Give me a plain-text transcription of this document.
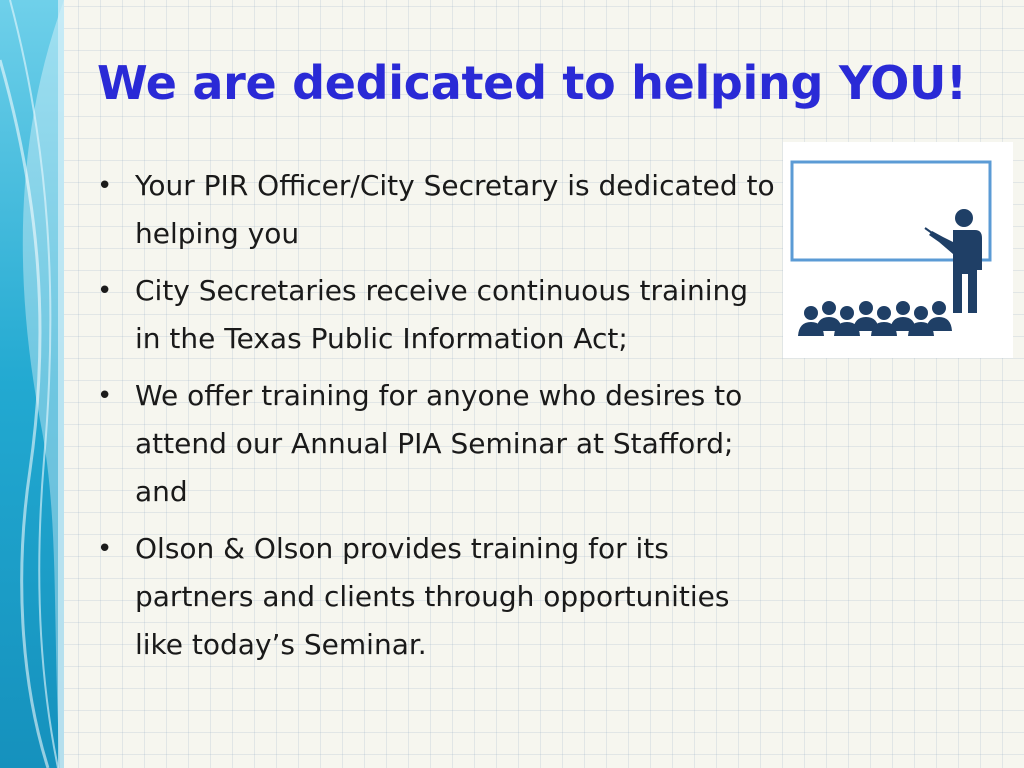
We are dedicated to helping YOU!
• Your PIR Officer/City Secretary is dedicated to helping you
• City Secretaries receive continuous training in the Texas Public Information Act;
• We offer training for anyone who desires to attend our Annual PIA Seminar at Stafford; and
• Olson & Olson provides training for its partners and clients through opportunities like today’s Seminar.
